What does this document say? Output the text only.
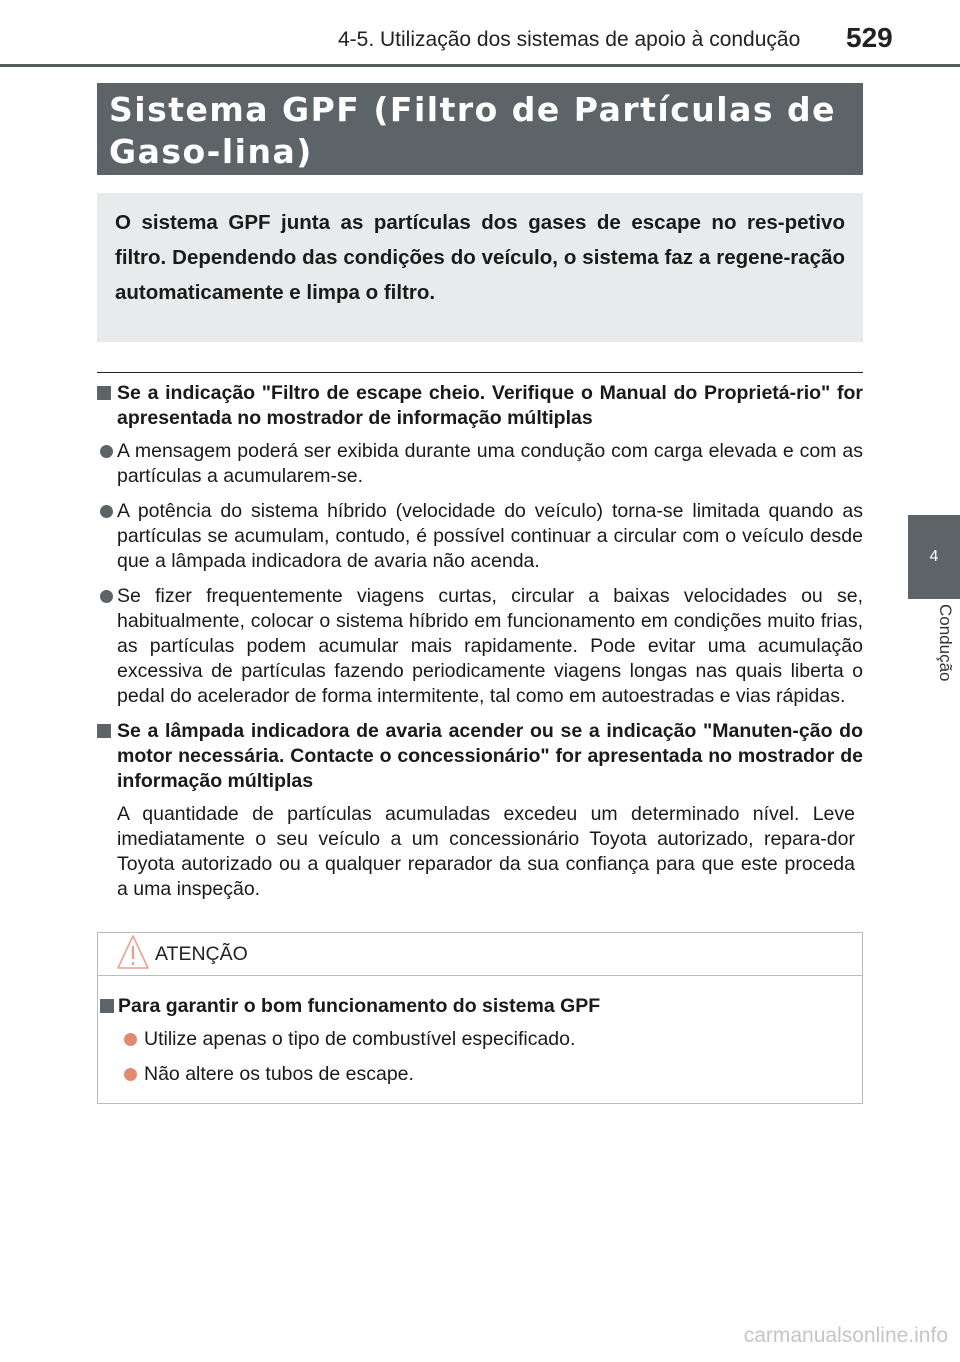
4-5. Utilização dos sistemas de apoio à condução 529
4
Condução
Sistema GPF (Filtro de Partículas de Gaso-lina)
O sistema GPF junta as partículas dos gases de escape no res-petivo filtro. Dependendo das condições do veículo, o sistema faz a regene-ração automaticamente e limpa o filtro.
Se a indicação "Filtro de escape cheio. Verifique o Manual do Proprietá-rio" for apresentada no mostrador de informação múltiplas
A mensagem poderá ser exibida durante uma condução com carga elevada e com as partículas a acumularem-se.
A potência do sistema híbrido (velocidade do veículo) torna-se limitada quando as partículas se acumulam, contudo, é possível continuar a circular com o veículo desde que a lâmpada indicadora de avaria não acenda.
Se fizer frequentemente viagens curtas, circular a baixas velocidades ou se, habitualmente, colocar o sistema híbrido em funcionamento em condições muito frias, as partículas podem acumular mais rapidamente. Pode evitar uma acumulação excessiva de partículas fazendo periodicamente viagens longas nas quais liberta o pedal do acelerador de forma intermitente, tal como em autoestradas e vias rápidas.
Se a lâmpada indicadora de avaria acender ou se a indicação "Manuten-ção do motor necessária. Contacte o concessionário" for apresentada no mostrador de informação múltiplas
A quantidade de partículas acumuladas excedeu um determinado nível. Leve imediatamente o seu veículo a um concessionário Toyota autorizado, repara-dor Toyota autorizado ou a qualquer reparador da sua confiança para que este proceda a uma inspeção.
ATENÇÃO
Para garantir o bom funcionamento do sistema GPF
Utilize apenas o tipo de combustível especificado.
Não altere os tubos de escape.
carmanualsonline.info
